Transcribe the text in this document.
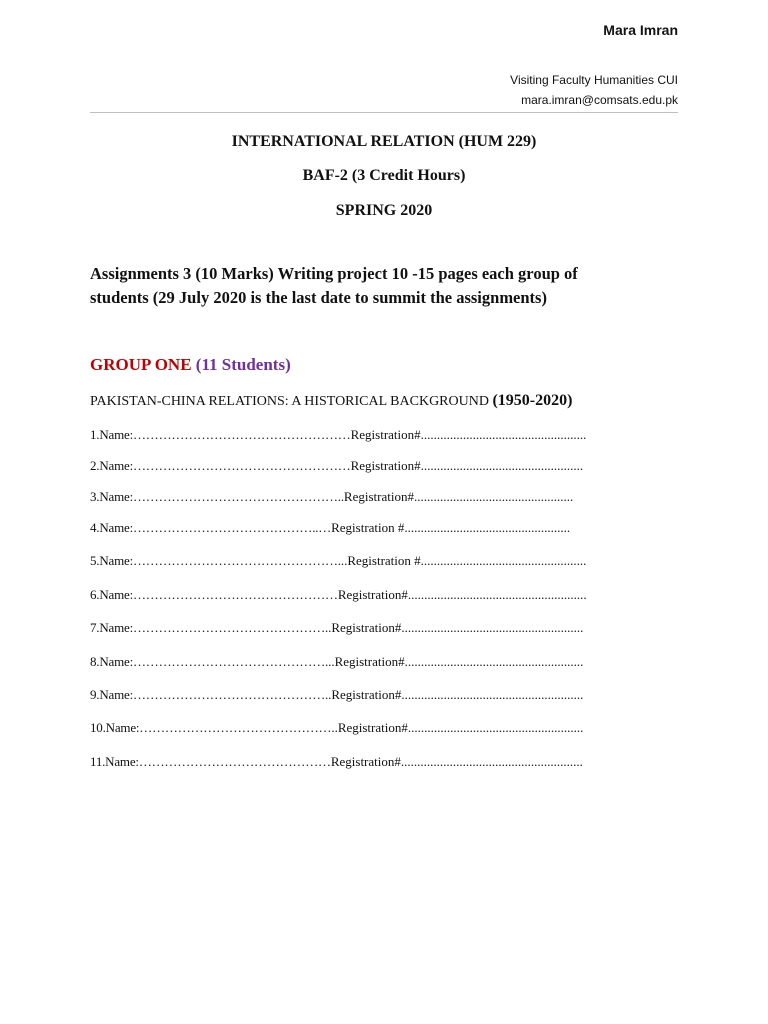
Mara Imran
Visiting Faculty Humanities CUI
mara.imran@comsats.edu.pk
INTERNATIONAL RELATION (HUM 229)
BAF-2 (3 Credit Hours)
SPRING 2020
Assignments 3 (10 Marks) Writing project 10 -15 pages each group of students (29 July 2020 is the last date to summit the assignments)
GROUP ONE (11 Students)
PAKISTAN-CHINA RELATIONS: A HISTORICAL BACKGROUND (1950-2020)
1.Name:……………………………………………Registration#...................................................
2.Name:……………………………………………Registration#..................................................
3.Name:…………………………………………..Registration#.................................................
4.Name:……………………………………..…Registration #...................................................
5.Name:…………………………………………...Registration #...................................................
6.Name:…………………………………………Registration#.......................................................
7.Name:………………………………………..Registration#........................................................
8.Name:………………………………………...Registration#.......................................................
9.Name:………………………………………..Registration#........................................................
10.Name:………………………………………..Registration#......................................................
11.Name:………………………………………Registration#........................................................
